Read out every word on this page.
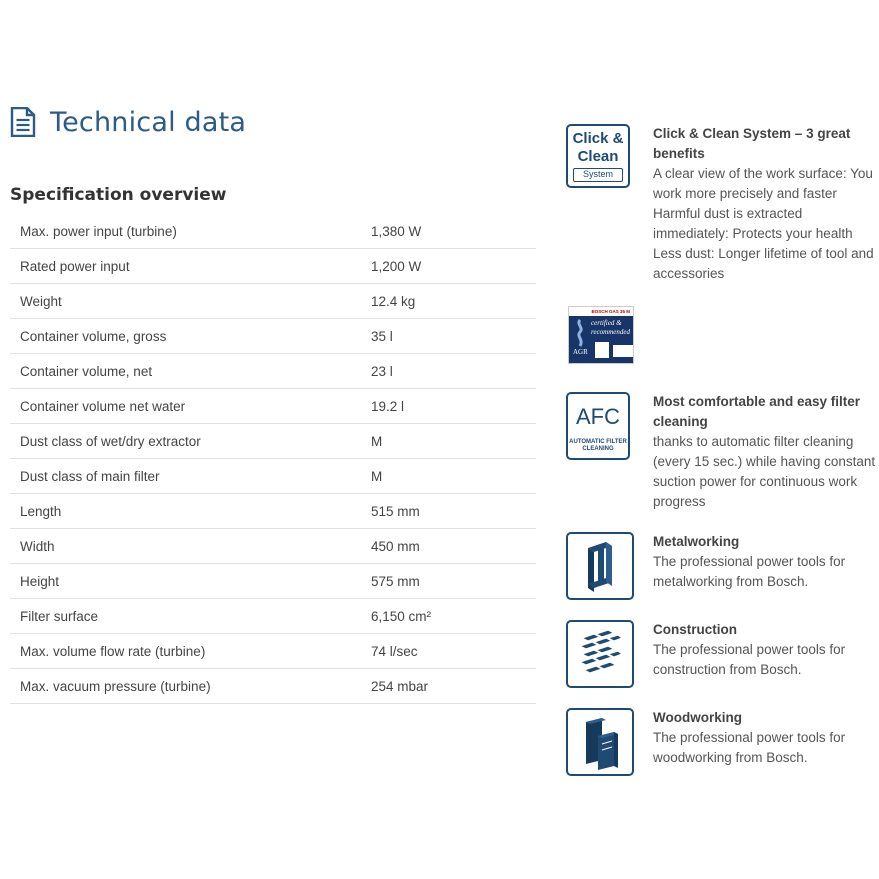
Technical data
Specification overview
Max. power input (turbine)	1,380 W
Rated power input	1,200 W
Weight	12.4 kg
Container volume, gross	35 l
Container volume, net	23 l
Container volume net water	19.2 l
Dust class of wet/dry extractor	M
Dust class of main filter	M
Length	515 mm
Width	450 mm
Height	575 mm
Filter surface	6,150 cm²
Max. volume flow rate (turbine)	74 l/sec
Max. vacuum pressure (turbine)	254 mbar
Click &
Clean
System
Click & Clean System – 3 great benefits
A clear view of the work surface: You work more precisely and faster Harmful dust is extracted immediately: Protects your health Less dust: Longer lifetime of tool and accessories
BOSCH GAS 35 M
certified & recommended
AGR
AFC
AUTOMATIC FILTER CLEANING
Most comfortable and easy filter cleaning
thanks to automatic filter cleaning (every 15 sec.) while having constant suction power for continuous work progress
Metalworking
The professional power tools for metalworking from Bosch.
Construction
The professional power tools for construction from Bosch.
Woodworking
The professional power tools for woodworking from Bosch.
